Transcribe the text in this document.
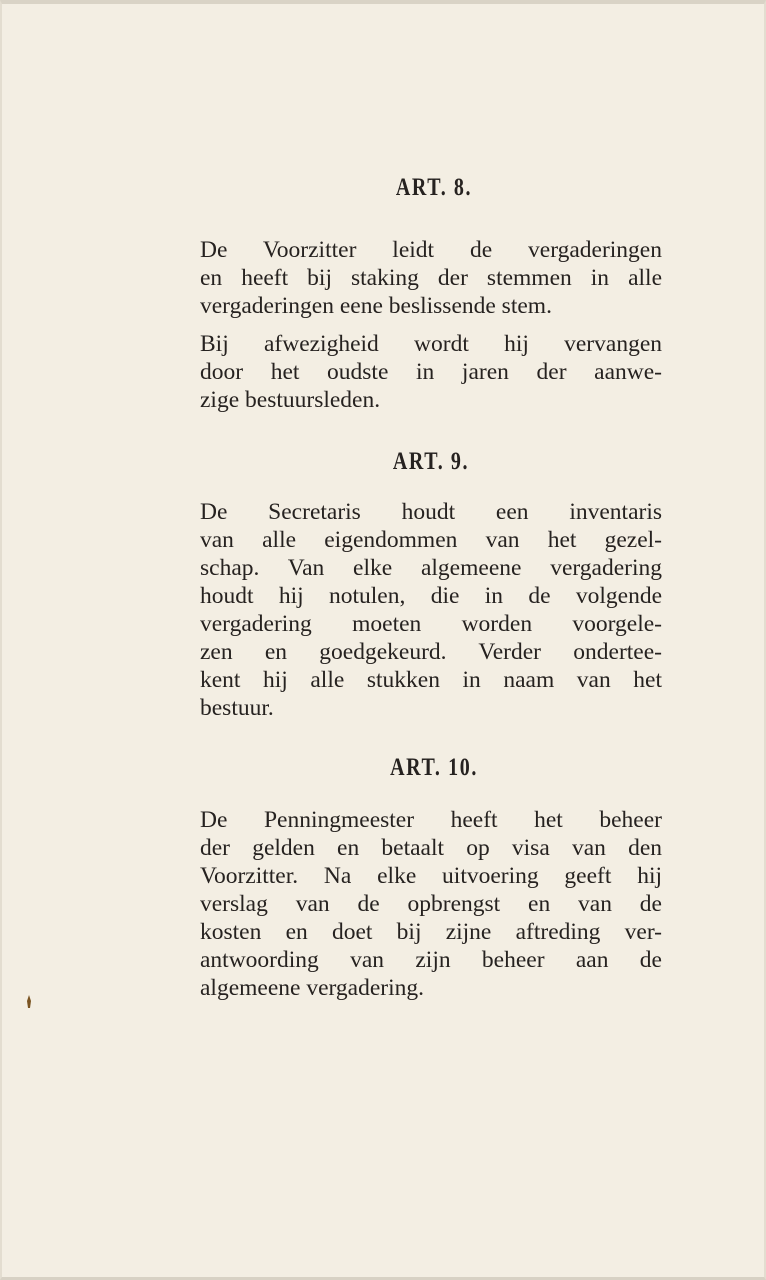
ART. 8.

De Voorzitter leidt de vergaderingen
en heeft bij staking der stemmen in alle
vergaderingen eene beslissende stem.

Bij afwezigheid wordt hij vervangen
door het oudste in jaren der aanwe-
zige bestuursleden.

ART. 9.

De Secretaris houdt een inventaris
van alle eigendommen van het gezel-
schap. Van elke algemeene vergadering
houdt hij notulen, die in de volgende
vergadering moeten worden voorgele-
zen en goedgekeurd. Verder ondertee-
kent hij alle stukken in naam van het
bestuur.

ART. 10.

De Penningmeester heeft het beheer
der gelden en betaalt op visa van den
Voorzitter. Na elke uitvoering geeft hij
verslag van de opbrengst en van de
kosten en doet bij zijne aftreding ver-
antwoording van zijn beheer aan de
algemeene vergadering.
